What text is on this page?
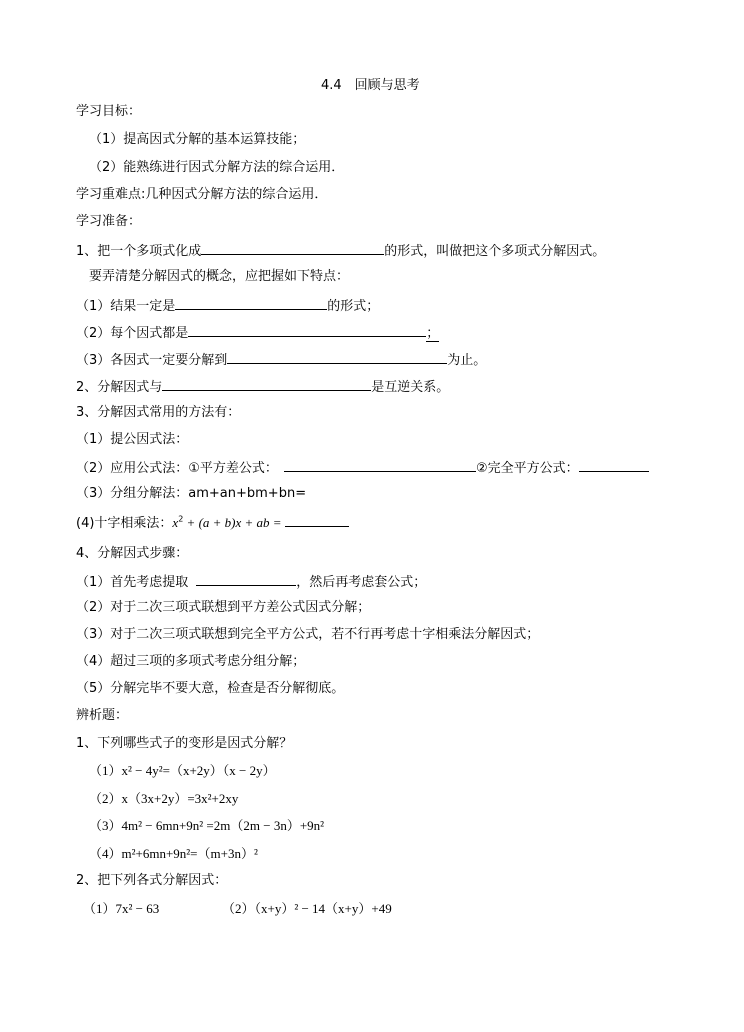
4.4　回顾与思考
学习目标：
（1）提高因式分解的基本运算技能；
（2）能熟练进行因式分解方法的综合运用．
学习重难点:几种因式分解方法的综合运用．
学习准备：
1、把一个多项式化成	的形式，叫做把这个多项式分解因式。
要弄清楚分解因式的概念，应把握如下特点：
（1）结果一定是	的形式；
（2）每个因式都是	；
（3）各因式一定要分解到	为止。
2、分解因式与	是互逆关系。
3、分解因式常用的方法有：
（1）提公因式法：
（2）应用公式法：①平方差公式：	②完全平方公式：
（3）分组分解法：am+an+bm+bn=
(4)十字相乘法：$x^2 + (a + b)x$ + ab =
4、分解因式步骤：
（1）首先考虑提取	，然后再考虑套公式；
（2）对于二次三项式联想到平方差公式因式分解；
（3）对于二次三项式联想到完全平方公式，若不行再考虑十字相乘法分解因式；
（4）超过三项的多项式考虑分组分解；
（5）分解完毕不要大意，检查是否分解彻底。
辨析题：
1、下列哪些式子的变形是因式分解？
（1）x² − 4y²=（x+2y）（x − 2y）
（2）x（3x+2y）=3x²+2xy
（3）4m² − 6mn+9n² =2m（2m − 3n）+9n²
（4）m²+6mn+9n²=（m+3n）²
2、把下列各式分解因式：
（1）7x² − 63	（2）（x+y）² − 14（x+y）+49
